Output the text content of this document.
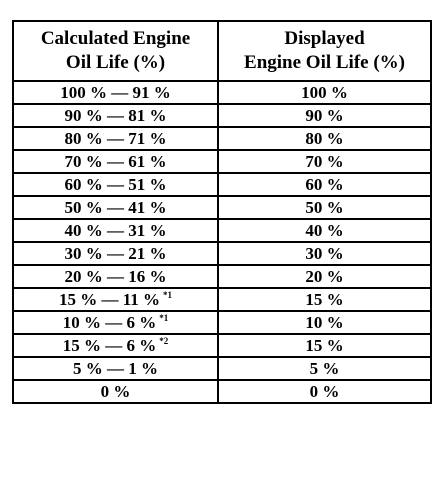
Calculated Engine
Oil Life (%)	Displayed
Engine Oil Life (%)

100 % — 91 %	100 %
90 % — 81 %	90 %
80 % — 71 %	80 %
70 % — 61 %	70 %
60 % — 51 %	60 %
50 % — 41 %	50 %
40 % — 31 %	40 %
30 % — 21 %	30 %
20 % — 16 %	20 %
15 % — 11 % $^{*1}$	15 %
10 % — 6 % $^{*1}$	10 %
15 % — 6 % $^{*2}$	15 %
5 % — 1 %	5 %
0 %	0 %
